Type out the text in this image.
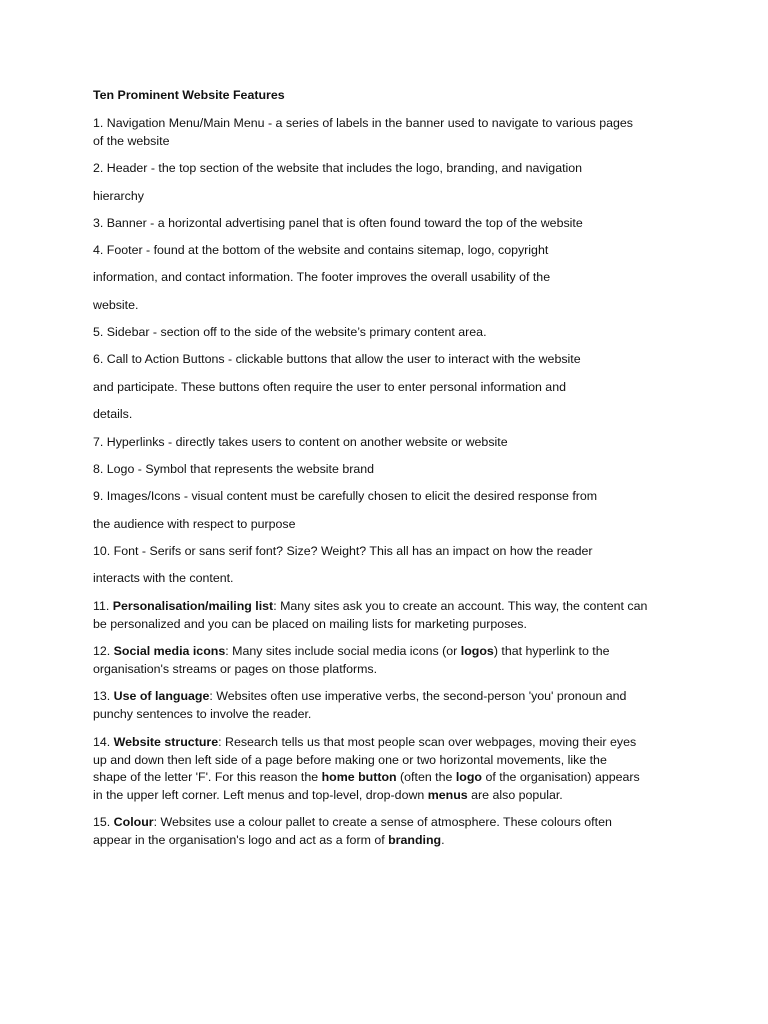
Ten Prominent Website Features
1. Navigation Menu/Main Menu - a series of labels in the banner used to navigate to various pages
of the website
2. Header - the top section of the website that includes the logo, branding, and navigation
hierarchy
3. Banner - a horizontal advertising panel that is often found toward the top of the website
4. Footer - found at the bottom of the website and contains sitemap, logo, copyright
information, and contact information. The footer improves the overall usability of the
website.
5. Sidebar - section off to the side of the website’s primary content area.
6. Call to Action Buttons - clickable buttons that allow the user to interact with the website
and participate. These buttons often require the user to enter personal information and
details.
7. Hyperlinks - directly takes users to content on another website or website
8. Logo - Symbol that represents the website brand
9. Images/Icons - visual content must be carefully chosen to elicit the desired response from
the audience with respect to purpose
10. Font - Serifs or sans serif font? Size? Weight? This all has an impact on how the reader
interacts with the content.
11. Personalisation/mailing list: Many sites ask you to create an account. This way, the content can
be personalized and you can be placed on mailing lists for marketing purposes.
12. Social media icons: Many sites include social media icons (or logos) that hyperlink to the
organisation's streams or pages on those platforms.
13. Use of language: Websites often use imperative verbs, the second-person 'you' pronoun and
punchy sentences to involve the reader.
14. Website structure: Research tells us that most people scan over webpages, moving their eyes
up and down then left side of a page before making one or two horizontal movements, like the
shape of the letter 'F'. For this reason the home button (often the logo of the organisation) appears
in the upper left corner. Left menus and top-level, drop-down menus are also popular.
15. Colour: Websites use a colour pallet to create a sense of atmosphere. These colours often
appear in the organisation's logo and act as a form of branding.
